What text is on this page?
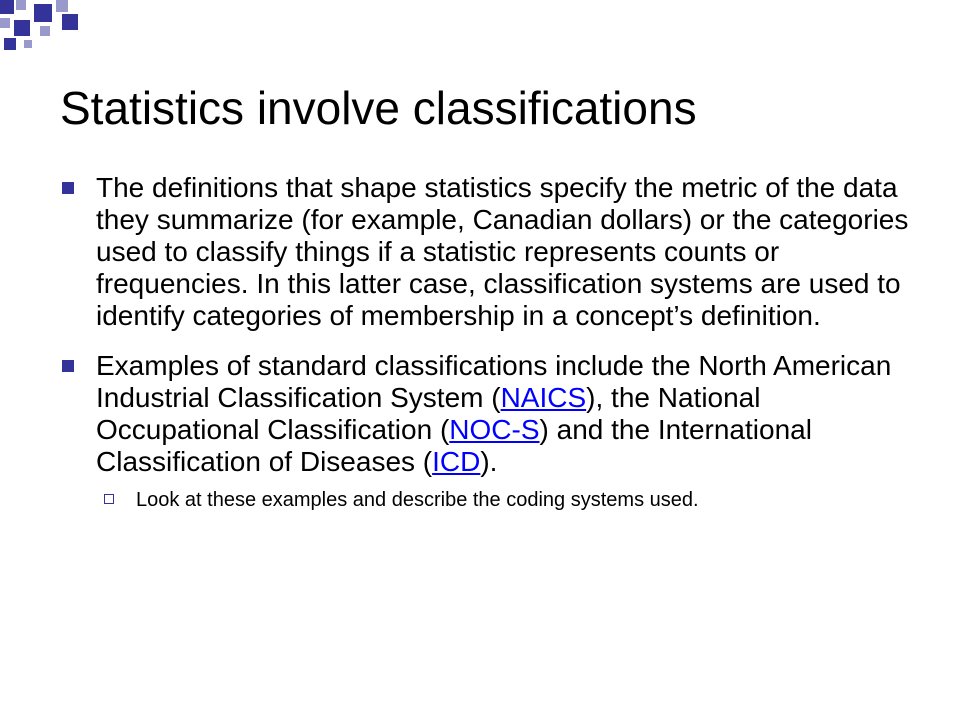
Statistics involve classifications
The definitions that shape statistics specify the metric of the data they summarize (for example, Canadian dollars) or the categories used to classify things if a statistic represents counts or frequencies. In this latter case, classification systems are used to identify categories of membership in a concept’s definition.
Examples of standard classifications include the North American Industrial Classification System (NAICS), the National Occupational Classification (NOC-S) and the International Classification of Diseases (ICD).
Look at these examples and describe the coding systems used.
